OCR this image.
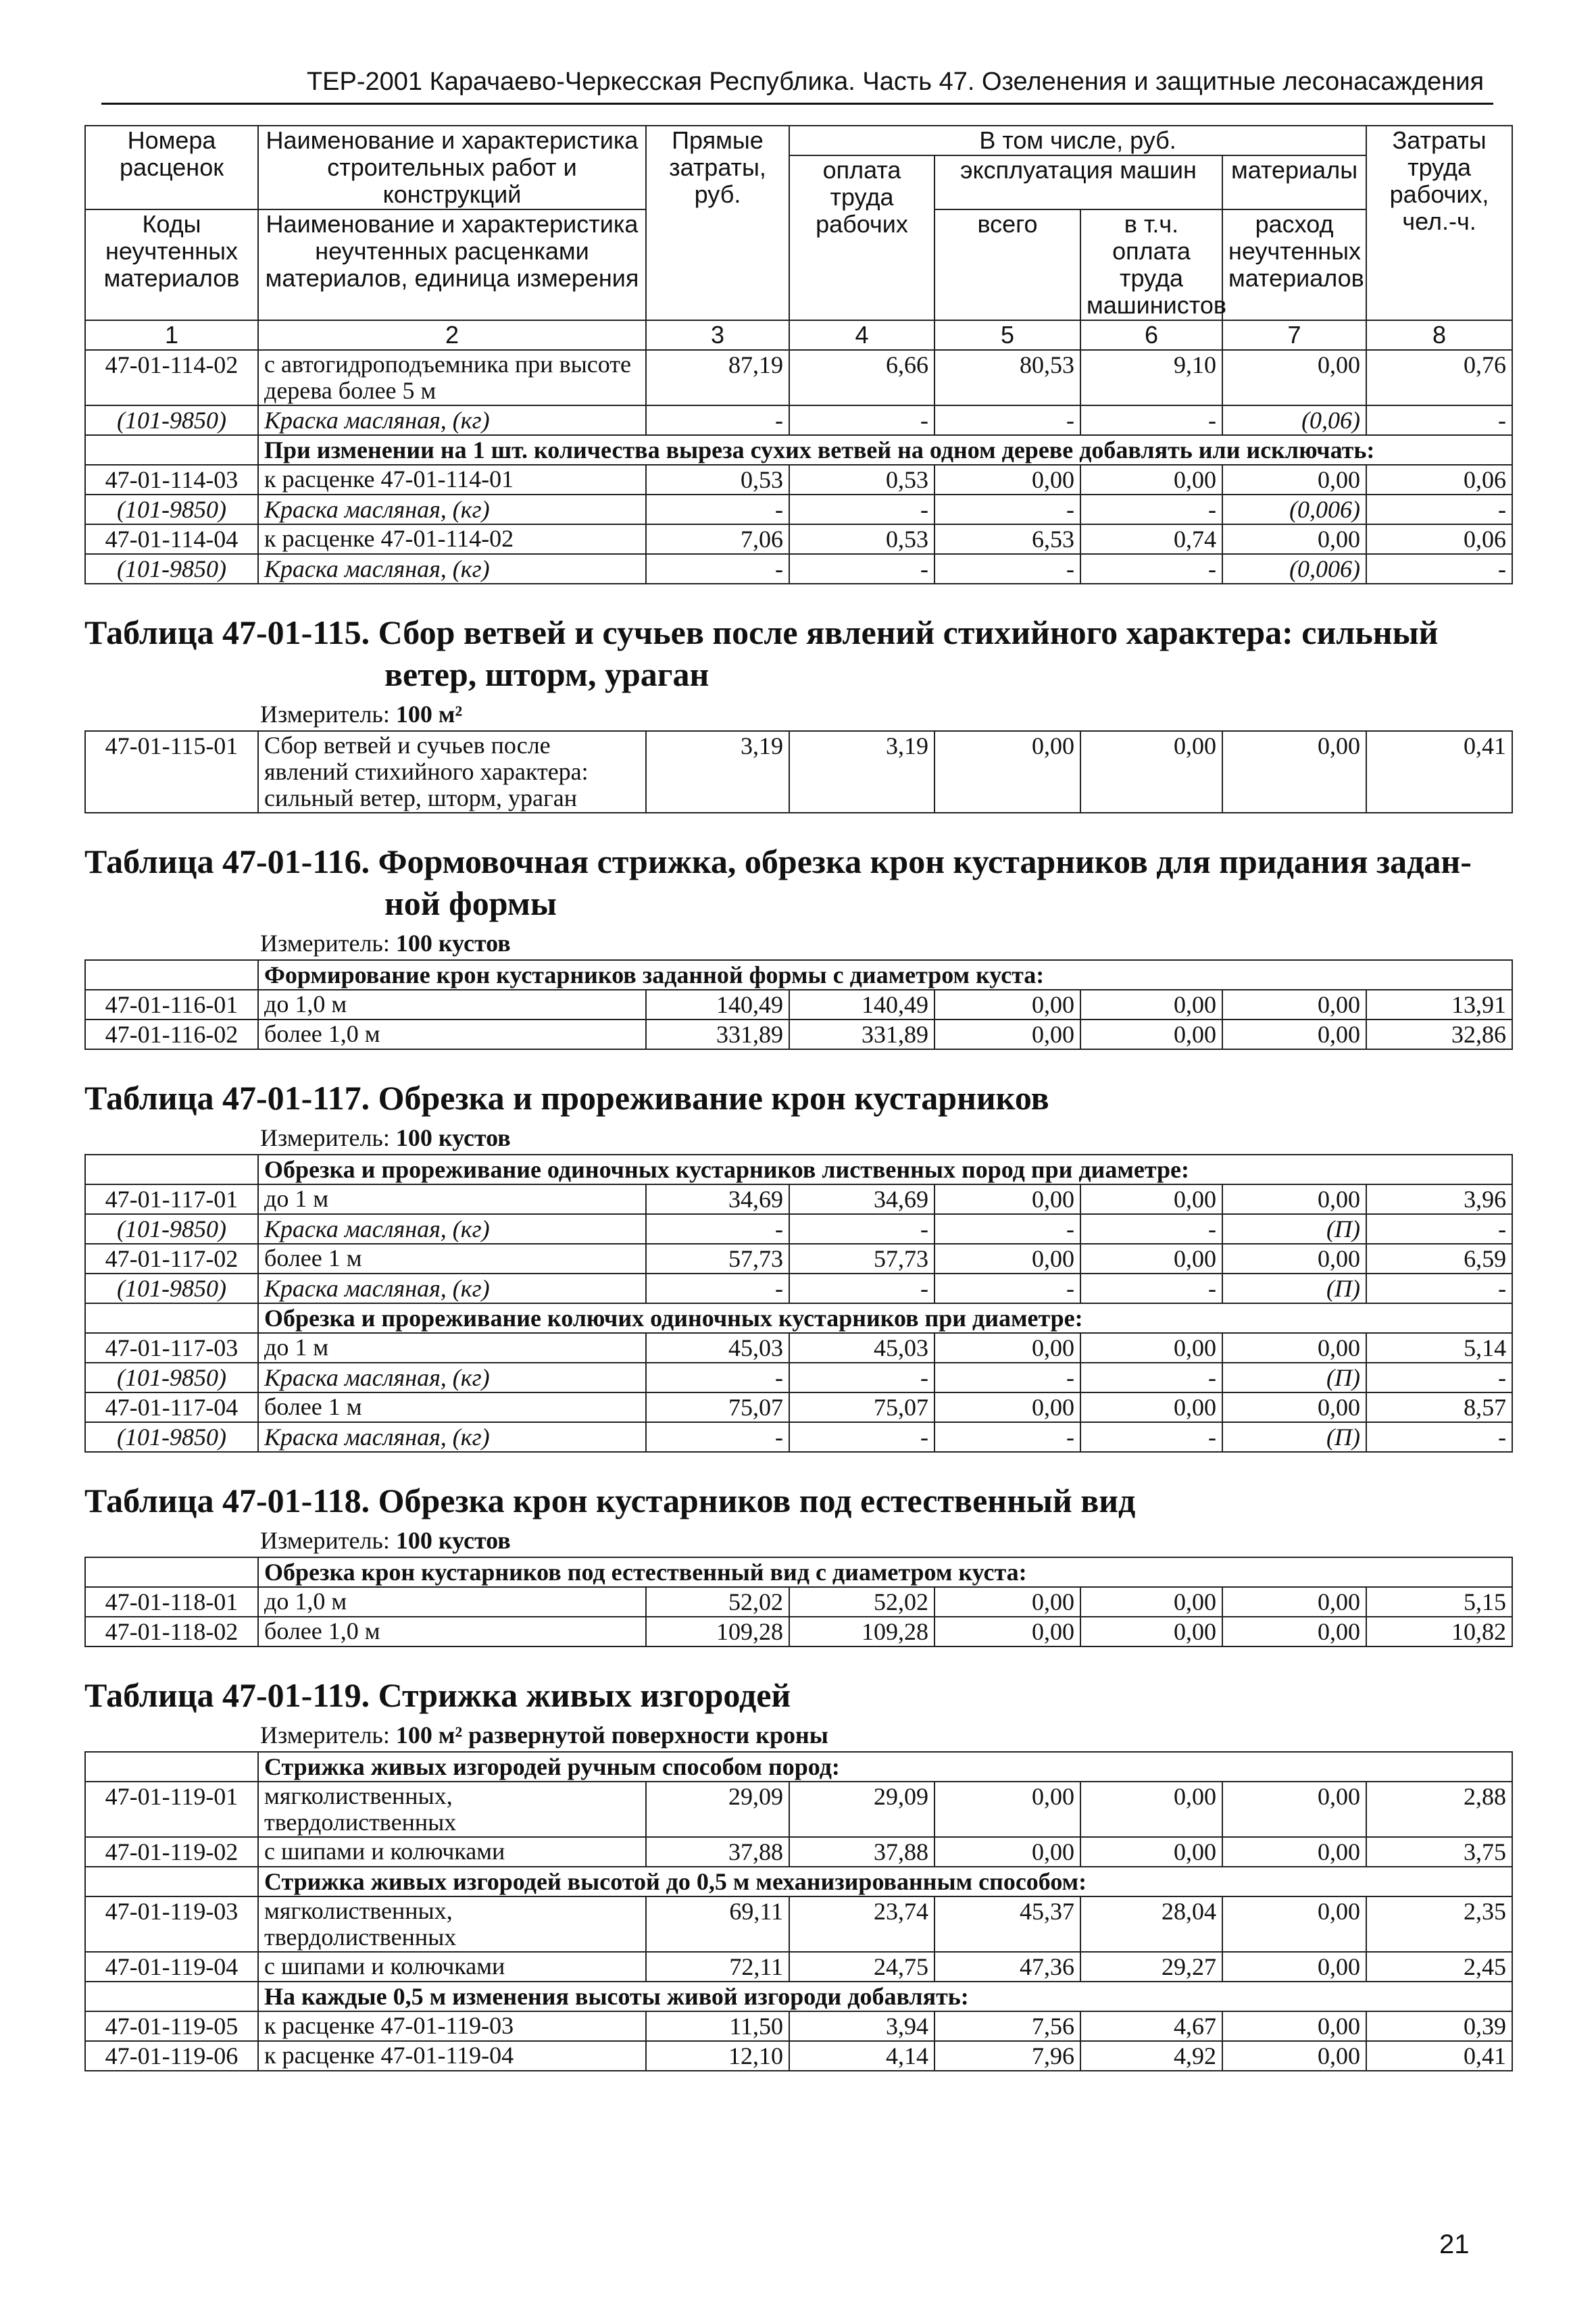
ТЕР-2001 Карачаево-Черкесская Республика. Часть 47. Озеленения и защитные лесонасаждения
Номера расценок	Наименование и характеристика строительных работ и конструкций	Прямые затраты, руб.	В том числе, руб.				Затраты труда рабочих, чел.-ч.
			оплата труда рабочих	эксплуатация машин		материалы	
Коды неучтенных материалов	Наименование и характеристика неучтенных расценками материалов, единица измерения			всего	в т.ч. оплата труда машинистов	расход неучтенных материалов	
1	2	3	4	5	6	7	8
47-01-114-02	с автогидроподъемника при высоте дерева более 5 м	87,19	6,66	80,53	9,10	0,00	0,76
(101-9850)	Краска масляная, (кг)	-	-	-	-	(0,06)	-
	При изменении на 1 шт. количества выреза сухих ветвей на одном дереве добавлять или исключать:						
47-01-114-03	к расценке 47-01-114-01	0,53	0,53	0,00	0,00	0,00	0,06
(101-9850)	Краска масляная, (кг)	-	-	-	-	(0,006)	-
47-01-114-04	к расценке 47-01-114-02	7,06	0,53	6,53	0,74	0,00	0,06
(101-9850)	Краска масляная, (кг)	-	-	-	-	(0,006)	-
Таблица 47-01-115. Сбор ветвей и сучьев после явлений стихийного характера: сильный
ветер, шторм, ураган
Измеритель: 100 м²
47-01-115-01	Сбор ветвей и сучьев после явлений стихийного характера: сильный ветер, шторм, ураган	3,19	3,19	0,00	0,00	0,00	0,41
Таблица 47-01-116. Формовочная стрижка, обрезка крон кустарников для придания задан-
ной формы
Измеритель: 100 кустов
	Формирование крон кустарников заданной формы с диаметром куста:						
47-01-116-01	до 1,0 м	140,49	140,49	0,00	0,00	0,00	13,91
47-01-116-02	более 1,0 м	331,89	331,89	0,00	0,00	0,00	32,86
Таблица 47-01-117. Обрезка и прореживание крон кустарников
Измеритель: 100 кустов
	Обрезка и прореживание одиночных кустарников лиственных пород при диаметре:						
47-01-117-01	до 1 м	34,69	34,69	0,00	0,00	0,00	3,96
(101-9850)	Краска масляная, (кг)	-	-	-	-	(П)	-
47-01-117-02	более 1 м	57,73	57,73	0,00	0,00	0,00	6,59
(101-9850)	Краска масляная, (кг)	-	-	-	-	(П)	-
	Обрезка и прореживание колючих одиночных кустарников при диаметре:						
47-01-117-03	до 1 м	45,03	45,03	0,00	0,00	0,00	5,14
(101-9850)	Краска масляная, (кг)	-	-	-	-	(П)	-
47-01-117-04	более 1 м	75,07	75,07	0,00	0,00	0,00	8,57
(101-9850)	Краска масляная, (кг)	-	-	-	-	(П)	-
Таблица 47-01-118. Обрезка крон кустарников под естественный вид
Измеритель: 100 кустов
	Обрезка крон кустарников под естественный вид с диаметром куста:						
47-01-118-01	до 1,0 м	52,02	52,02	0,00	0,00	0,00	5,15
47-01-118-02	более 1,0 м	109,28	109,28	0,00	0,00	0,00	10,82
Таблица 47-01-119. Стрижка живых изгородей
Измеритель: 100 м² развернутой поверхности кроны
	Стрижка живых изгородей ручным способом пород:						
47-01-119-01	мягколиственных, твердолиственных	29,09	29,09	0,00	0,00	0,00	2,88
47-01-119-02	с шипами и колючками	37,88	37,88	0,00	0,00	0,00	3,75
	Стрижка живых изгородей высотой до 0,5 м механизированным способом:						
47-01-119-03	мягколиственных, твердолиственных	69,11	23,74	45,37	28,04	0,00	2,35
47-01-119-04	с шипами и колючками	72,11	24,75	47,36	29,27	0,00	2,45
	На каждые 0,5 м изменения высоты живой изгороди добавлять:						
47-01-119-05	к расценке 47-01-119-03	11,50	3,94	7,56	4,67	0,00	0,39
47-01-119-06	к расценке 47-01-119-04	12,10	4,14	7,96	4,92	0,00	0,41
21
